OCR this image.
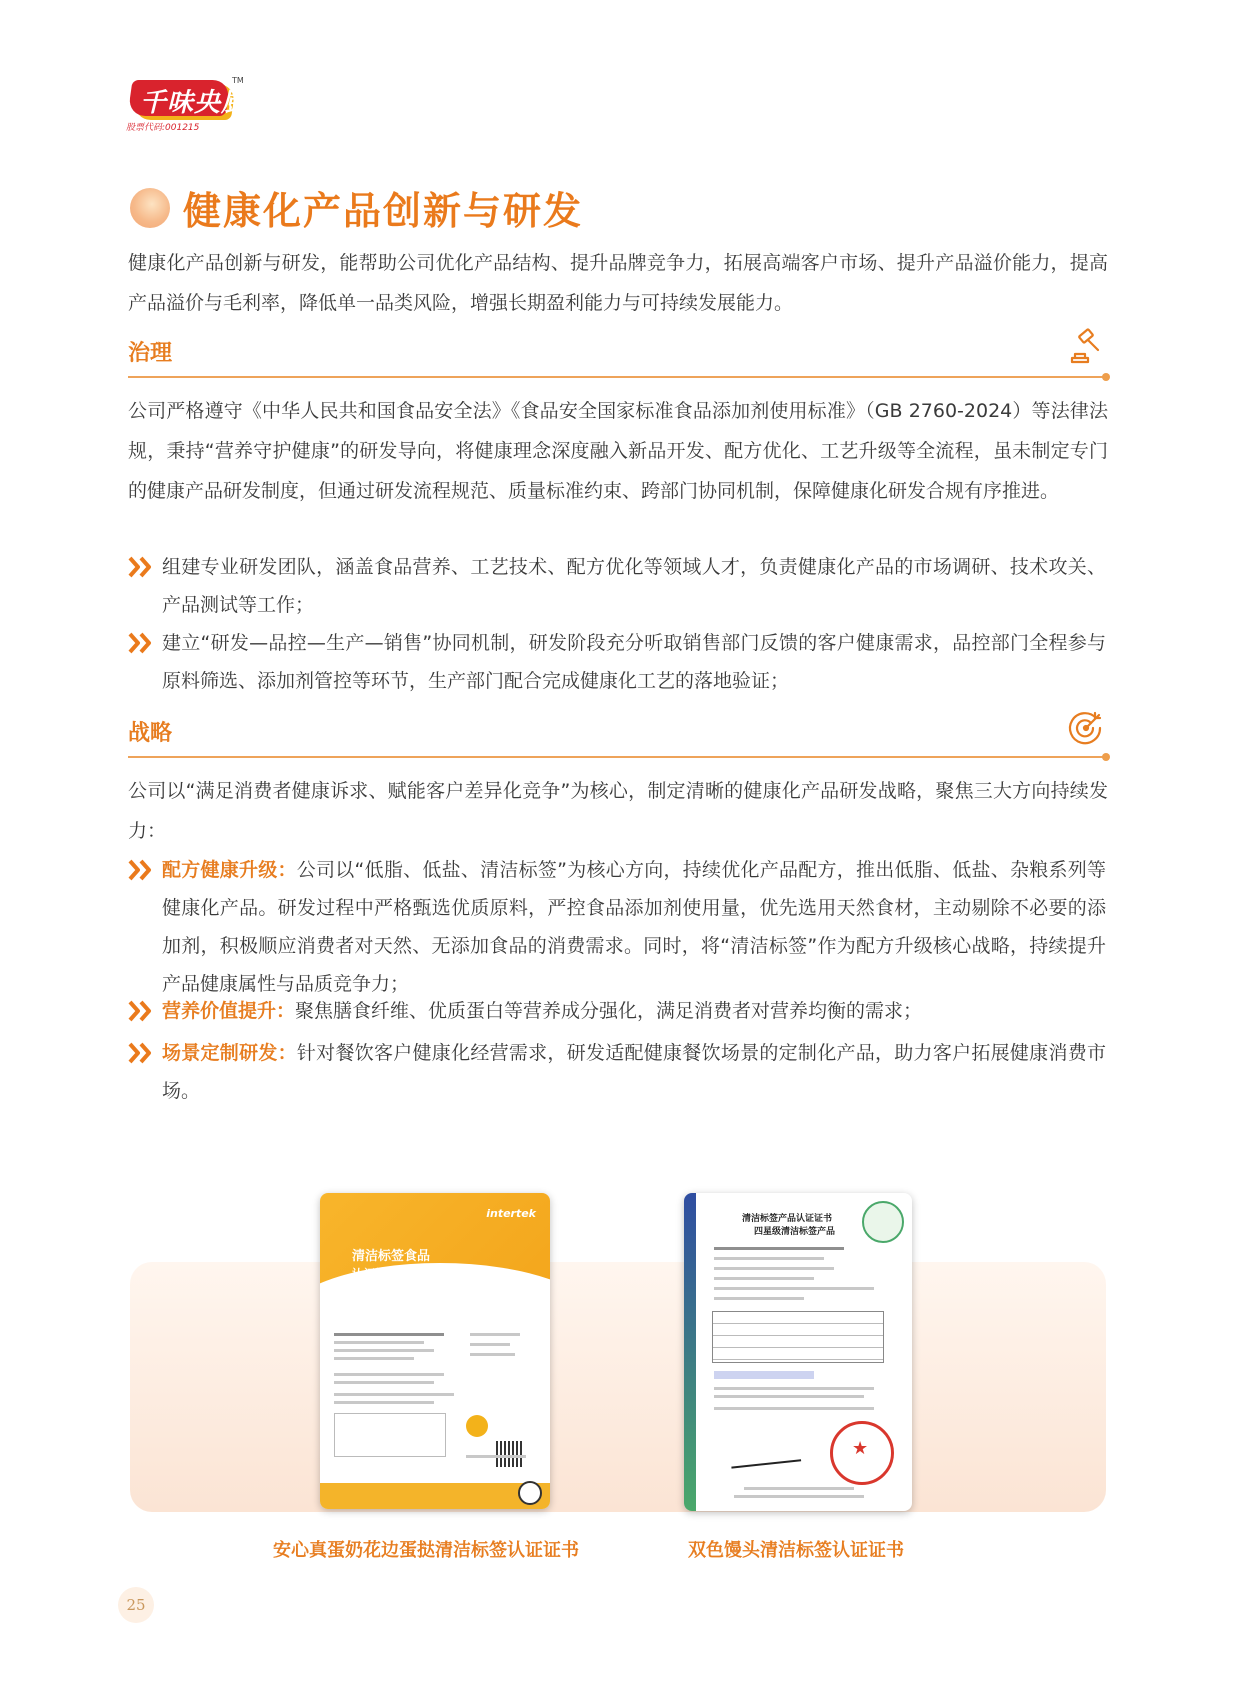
千味央厨
TM
股票代码:001215
健康化产品创新与研发
健康化产品创新与研发，能帮助公司优化产品结构、提升品牌竞争力，拓展高端客户市场、提升产品溢价能力，提高产品溢价与毛利率，降低单一品类风险，增强长期盈利能力与可持续发展能力。
治理
公司严格遵守《中华人民共和国食品安全法》《食品安全国家标准食品添加剂使用标准》（GB 2760-2024）等法律法规，秉持“营养守护健康”的研发导向，将健康理念深度融入新品开发、配方优化、工艺升级等全流程，虽未制定专门的健康产品研发制度，但通过研发流程规范、质量标准约束、跨部门协同机制，保障健康化研发合规有序推进。
组建专业研发团队，涵盖食品营养、工艺技术、配方优化等领域人才，负责健康化产品的市场调研、技术攻关、产品测试等工作；
建立“研发—品控—生产—销售”协同机制，研发阶段充分听取销售部门反馈的客户健康需求，品控部门全程参与原料筛选、添加剂管控等环节，生产部门配合完成健康化工艺的落地验证；
战略
公司以“满足消费者健康诉求、赋能客户差异化竞争”为核心，制定清晰的健康化产品研发战略，聚焦三大方向持续发力：
配方健康升级：公司以“低脂、低盐、清洁标签”为核心方向，持续优化产品配方，推出低脂、低盐、杂粮系列等健康化产品。研发过程中严格甄选优质原料，严控食品添加剂使用量，优先选用天然食材，主动剔除不必要的添加剂，积极顺应消费者对天然、无添加食品的消费需求。同时，将“清洁标签”作为配方升级核心战略，持续提升产品健康属性与品质竞争力；
营养价值提升：聚焦膳食纤维、优质蛋白等营养成分强化，满足消费者对营养均衡的需求；
场景定制研发：针对餐饮客户健康化经营需求，研发适配健康餐饮场景的定制化产品，助力客户拓展健康消费市场。
intertek
清洁标签食品
认证证书
清洁标签产品认证证书
四星级清洁标签产品
★
安心真蛋奶花边蛋挞清洁标签认证证书	双色馒头清洁标签认证证书
25
